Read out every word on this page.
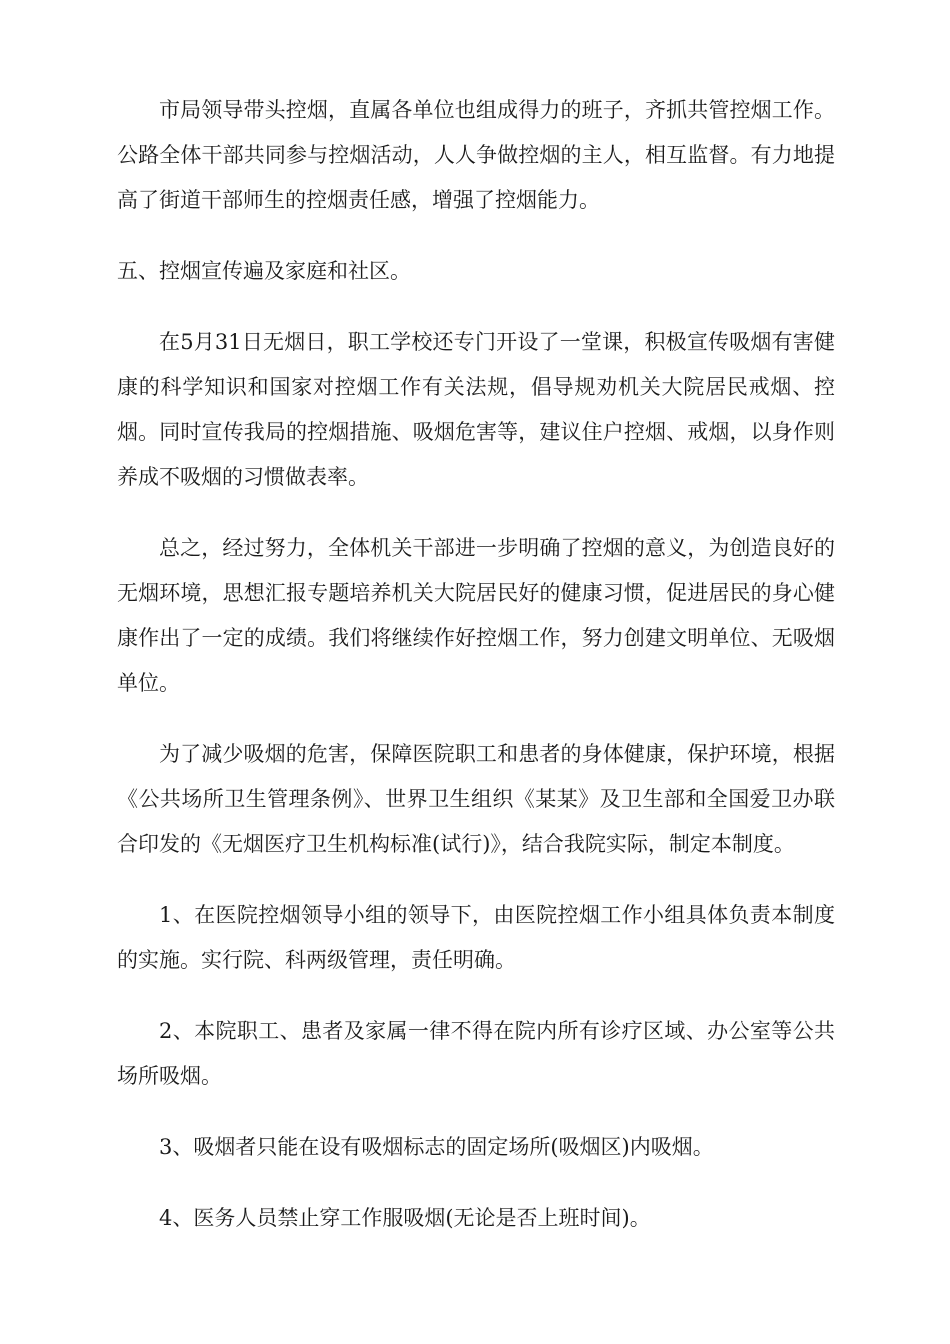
市局领导带头控烟，直属各单位也组成得力的班子，齐抓共管控烟工作。公路全体干部共同参与控烟活动，人人争做控烟的主人，相互监督。有力地提高了街道干部师生的控烟责任感，增强了控烟能力。

五、控烟宣传遍及家庭和社区。

在5月31日无烟日，职工学校还专门开设了一堂课，积极宣传吸烟有害健康的科学知识和国家对控烟工作有关法规，倡导规劝机关大院居民戒烟、控烟。同时宣传我局的控烟措施、吸烟危害等，建议住户控烟、戒烟，以身作则养成不吸烟的习惯做表率。

总之，经过努力，全体机关干部进一步明确了控烟的意义，为创造良好的无烟环境，思想汇报专题培养机关大院居民好的健康习惯，促进居民的身心健康作出了一定的成绩。我们将继续作好控烟工作，努力创建文明单位、无吸烟单位。

为了减少吸烟的危害，保障医院职工和患者的身体健康，保护环境，根据《公共场所卫生管理条例》、世界卫生组织《某某》及卫生部和全国爱卫办联合印发的《无烟医疗卫生机构标准(试行)》，结合我院实际，制定本制度。

1、在医院控烟领导小组的领导下，由医院控烟工作小组具体负责本制度的实施。实行院、科两级管理，责任明确。

2、本院职工、患者及家属一律不得在院内所有诊疗区域、办公室等公共场所吸烟。

3、吸烟者只能在设有吸烟标志的固定场所(吸烟区)内吸烟。

4、医务人员禁止穿工作服吸烟(无论是否上班时间)。
